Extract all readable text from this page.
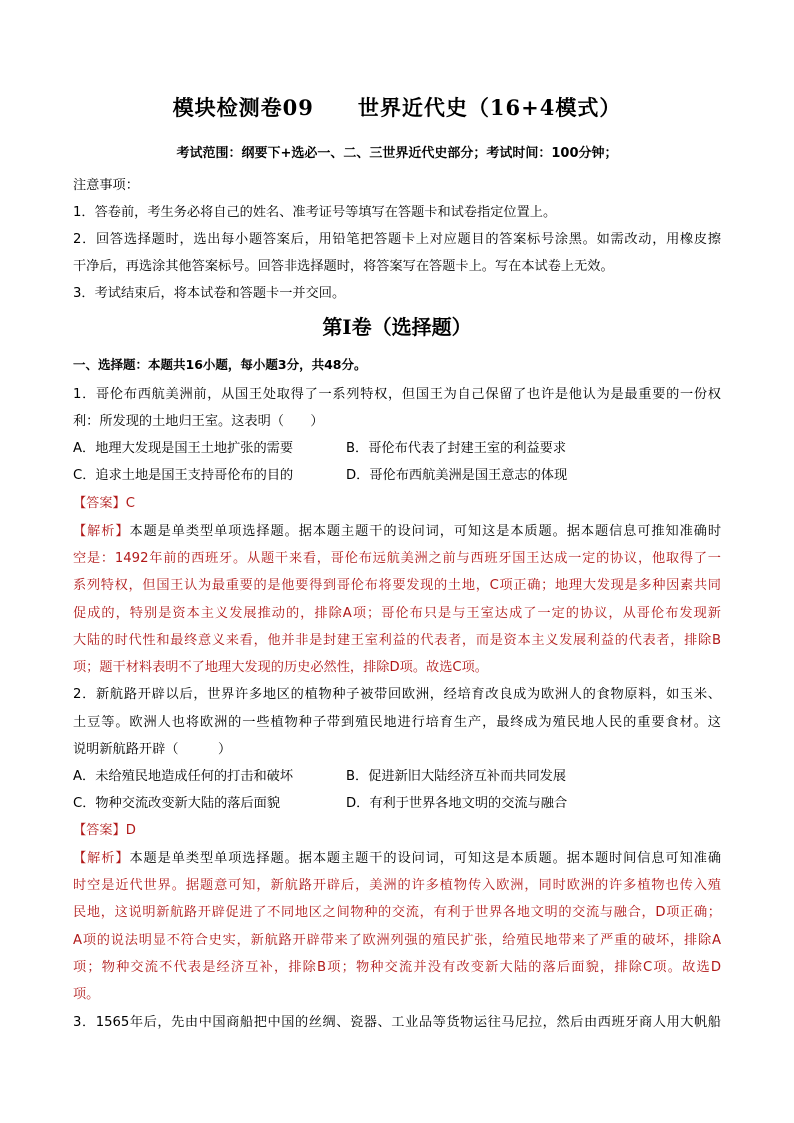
模块检测卷09　　世界近代史（16+4模式）
考试范围：纲要下+选必一、二、三世界近代史部分；考试时间：100分钟；
注意事项：
1．答卷前，考生务必将自己的姓名、准考证号等填写在答题卡和试卷指定位置上。
2．回答选择题时，选出每小题答案后，用铅笔把答题卡上对应题目的答案标号涂黑。如需改动，用橡皮擦
干净后，再选涂其他答案标号。回答非选择题时，将答案写在答题卡上。写在本试卷上无效。
3．考试结束后，将本试卷和答题卡一并交回。
第Ⅰ卷（选择题）
一、选择题：本题共16小题，每小题3分，共48分。
1．哥伦布西航美洲前，从国王处取得了一系列特权，但国王为自己保留了也许是他认为是最重要的一份权
利：所发现的土地归王室。这表明（　　）
A．地理大发现是国王土地扩张的需要	B．哥伦布代表了封建王室的利益要求
C．追求土地是国王支持哥伦布的目的	D．哥伦布西航美洲是国王意志的体现
【答案】C
【解析】本题是单类型单项选择题。据本题主题干的设问词，可知这是本质题。据本题信息可推知准确时
空是：1492年前的西班牙。从题干来看，哥伦布远航美洲之前与西班牙国王达成一定的协议，他取得了一
系列特权，但国王认为最重要的是他要得到哥伦布将要发现的土地，C项正确；地理大发现是多种因素共同
促成的，特别是资本主义发展推动的，排除A项；哥伦布只是与王室达成了一定的协议，从哥伦布发现新
大陆的时代性和最终意义来看，他并非是封建王室利益的代表者，而是资本主义发展利益的代表者，排除B
项；题干材料表明不了地理大发现的历史必然性，排除D项。故选C项。
2．新航路开辟以后，世界许多地区的植物种子被带回欧洲，经培育改良成为欧洲人的食物原料，如玉米、
土豆等。欧洲人也将欧洲的一些植物种子带到殖民地进行培育生产，最终成为殖民地人民的重要食材。这
说明新航路开辟（　　　）
A．未给殖民地造成任何的打击和破坏	B．促进新旧大陆经济互补而共同发展
C．物种交流改变新大陆的落后面貌	D．有利于世界各地文明的交流与融合
【答案】D
【解析】本题是单类型单项选择题。据本题主题干的设问词，可知这是本质题。据本题时间信息可知准确
时空是近代世界。据题意可知，新航路开辟后，美洲的许多植物传入欧洲，同时欧洲的许多植物也传入殖
民地，这说明新航路开辟促进了不同地区之间物种的交流，有利于世界各地文明的交流与融合，D项正确；
A项的说法明显不符合史实，新航路开辟带来了欧洲列强的殖民扩张，给殖民地带来了严重的破坏，排除A
项；物种交流不代表是经济互补，排除B项；物种交流并没有改变新大陆的落后面貌，排除C项。故选D
项。
3．1565年后，先由中国商船把中国的丝绸、瓷器、工业品等货物运往马尼拉，然后由西班牙商人用大帆船
